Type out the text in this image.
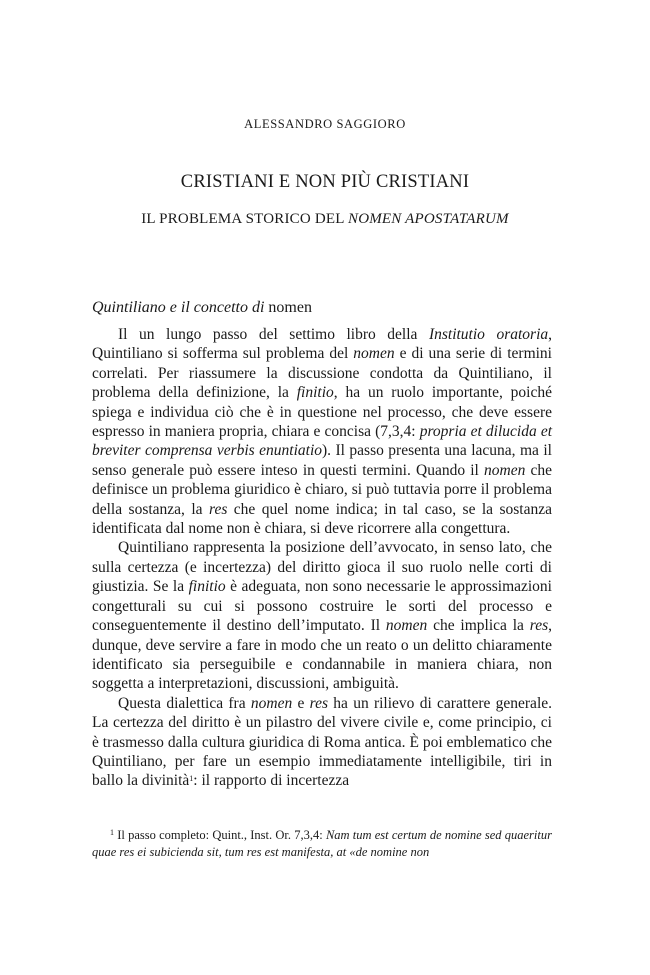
ALESSANDRO SAGGIORO
CRISTIANI E NON PIÙ CRISTIANI
IL PROBLEMA STORICO DEL NOMEN APOSTATARUM
Quintiliano e il concetto di nomen

Il un lungo passo del settimo libro della Institutio oratoria, Quintiliano si sofferma sul problema del nomen e di una serie di termini correlati. Per riassumere la discussione condotta da Quintiliano, il problema della definizione, la finitio, ha un ruolo importante, poiché spiega e individua ciò che è in questione nel processo, che deve essere espresso in maniera propria, chiara e concisa (7,3,4: propria et dilucida et breviter comprensa verbis enuntiatio). Il passo presenta una lacuna, ma il senso generale può essere inteso in questi termini. Quando il nomen che definisce un problema giuridico è chiaro, si può tuttavia porre il problema della sostanza, la res che quel nome indica; in tal caso, se la sostanza identificata dal nome non è chiara, si deve ricorrere alla congettura.

Quintiliano rappresenta la posizione dell’avvocato, in senso lato, che sulla certezza (e incertezza) del diritto gioca il suo ruolo nelle corti di giustizia. Se la finitio è adeguata, non sono necessarie le approssimazioni congetturali su cui si possono costruire le sorti del processo e conseguentemente il destino dell’imputato. Il nomen che implica la res, dunque, deve servire a fare in modo che un reato o un delitto chiaramente identificato sia perseguibile e condannabile in maniera chiara, non soggetta a interpretazioni, discussioni, ambiguità.

Questa dialettica fra nomen e res ha un rilievo di carattere generale. La certezza del diritto è un pilastro del vivere civile e, come principio, ci è trasmesso dalla cultura giuridica di Roma antica. È poi emblematico che Quintiliano, per fare un esempio immediatamente intelligibile, tiri in ballo la divinità$^1$: il rapporto di incertezza

$^1$ Il passo completo: Quint., Inst. Or. 7,3,4: Nam tum est certum de nomine sed quaeritur quae res ei subicienda sit, tum res est manifesta, at «de nomine non
